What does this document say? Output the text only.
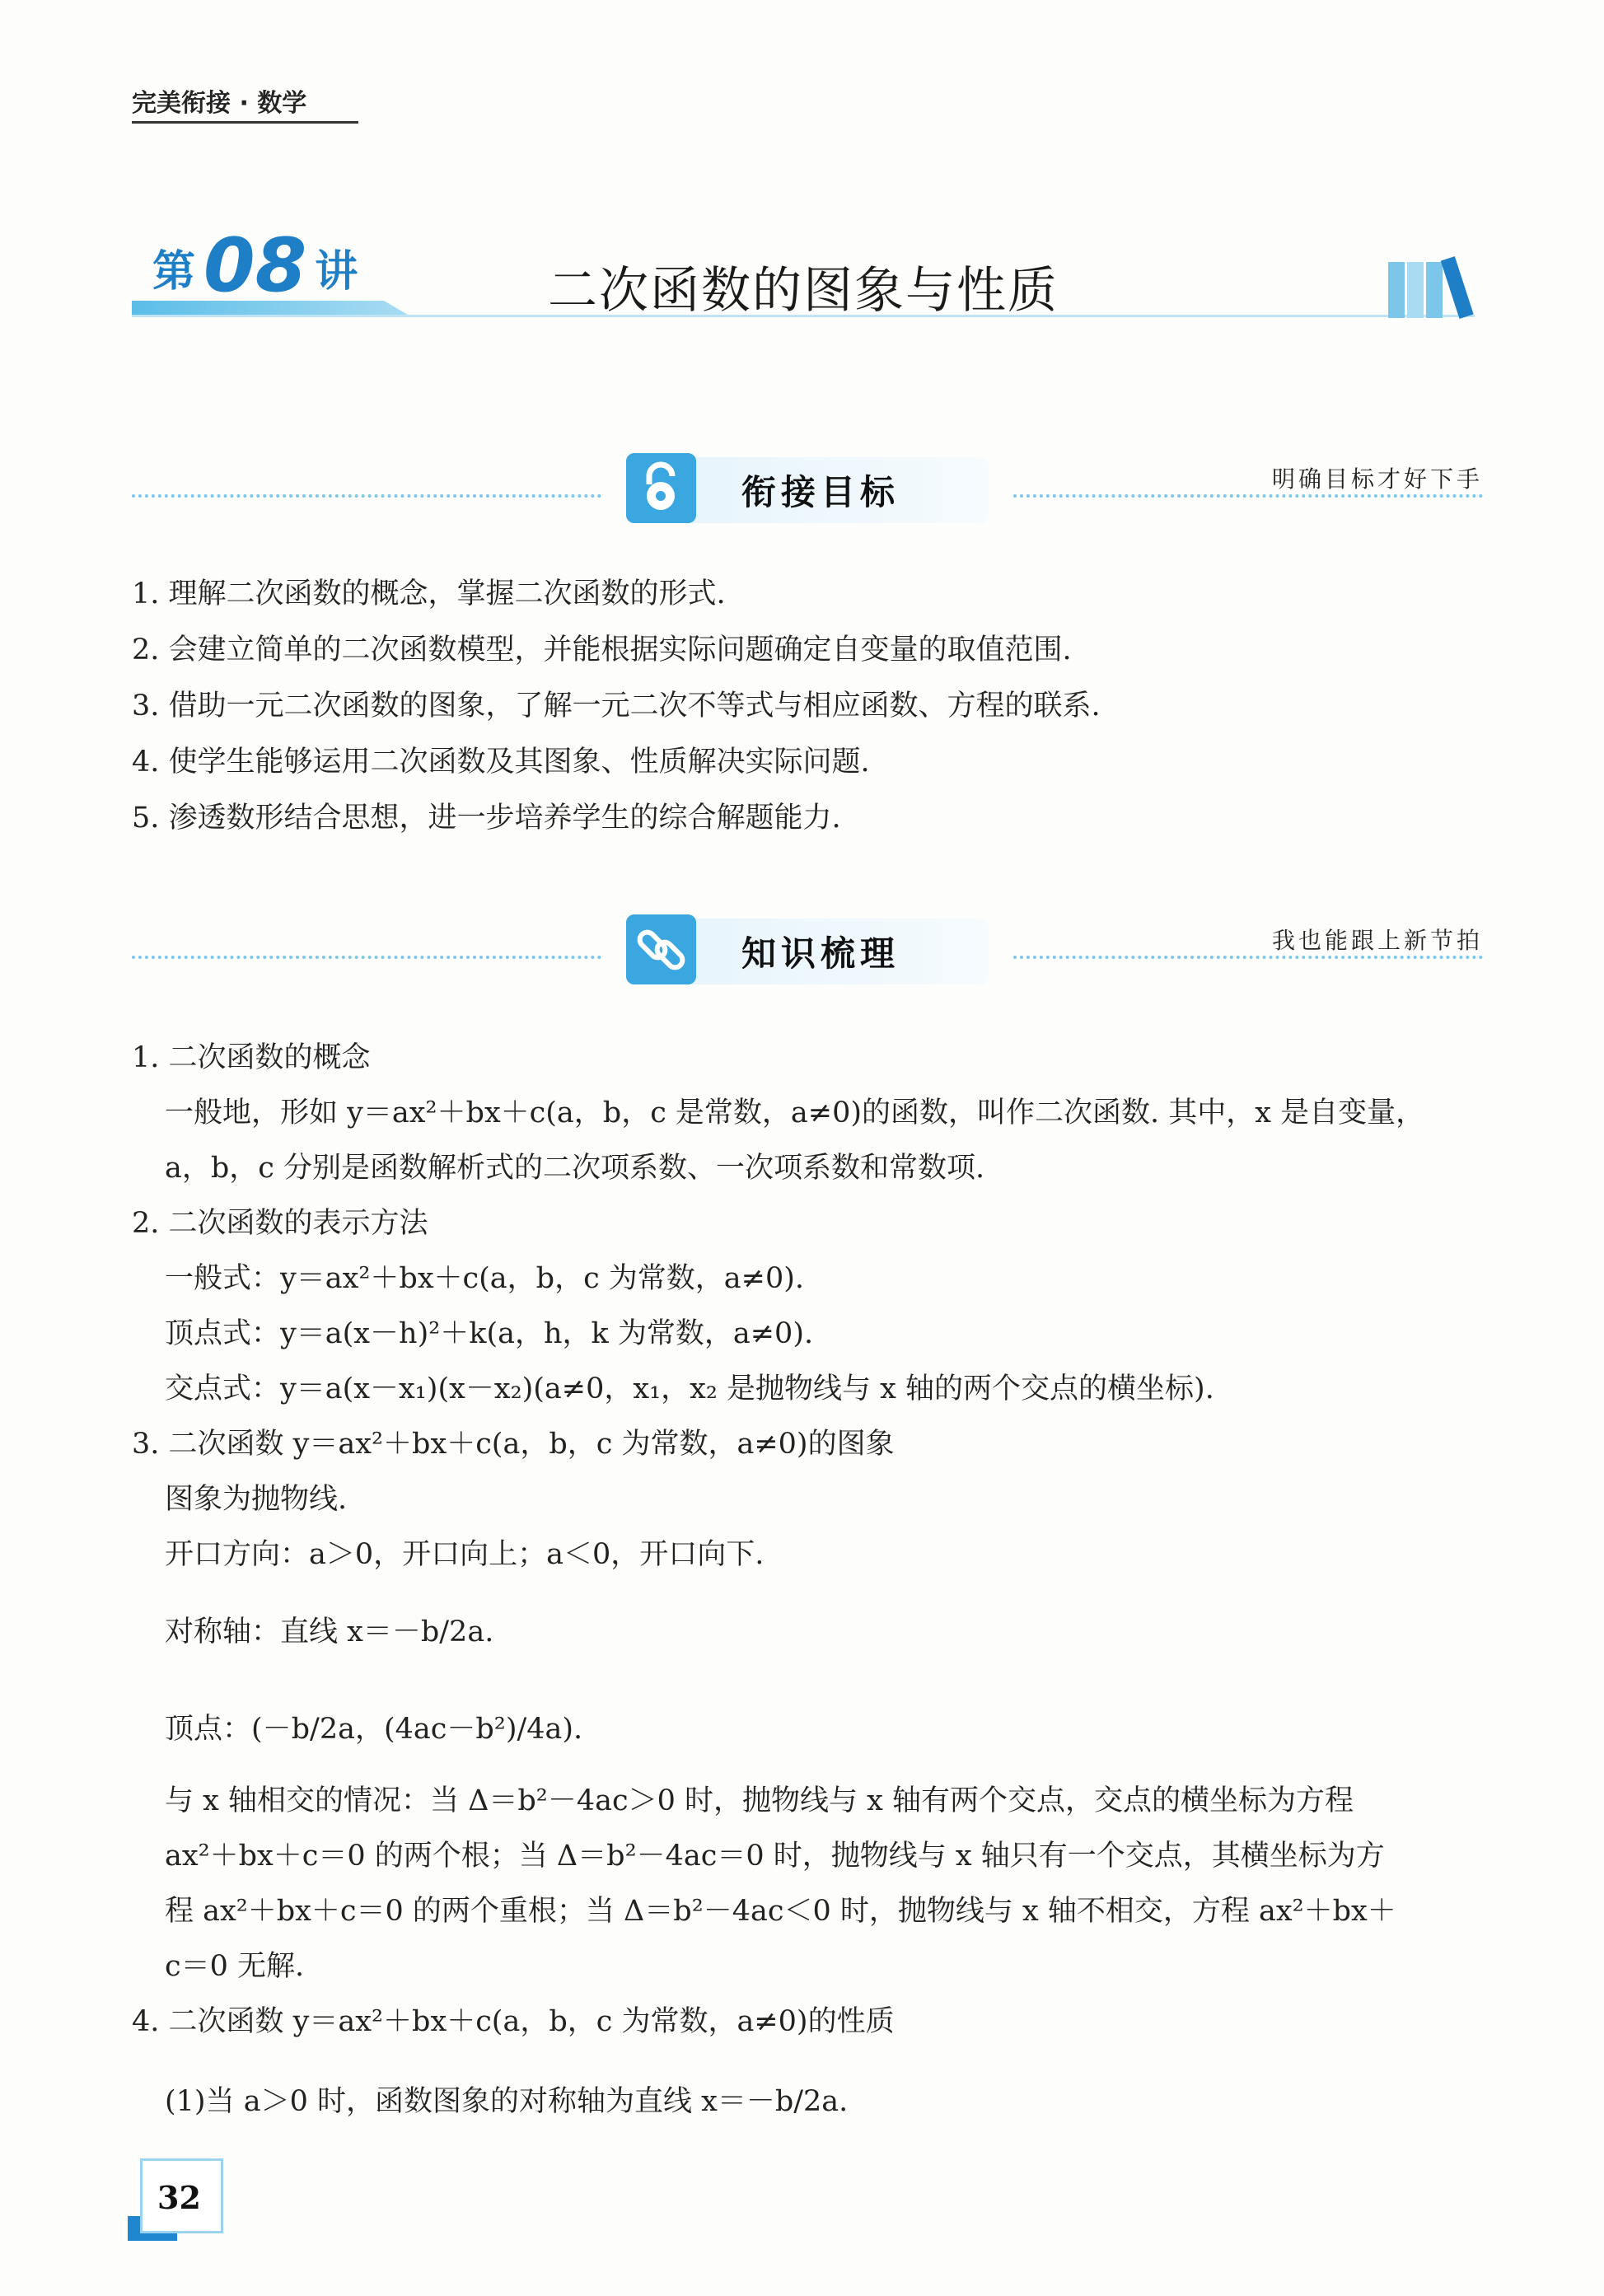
完美衔接 · 数学
第 08 讲	二次函数的图象与性质
衔接目标	明确目标才好下手
1. 理解二次函数的概念，掌握二次函数的形式.
2. 会建立简单的二次函数模型，并能根据实际问题确定自变量的取值范围.
3. 借助一元二次函数的图象，了解一元二次不等式与相应函数、方程的联系.
4. 使学生能够运用二次函数及其图象、性质解决实际问题.
5. 渗透数形结合思想，进一步培养学生的综合解题能力.
知识梳理	我也能跟上新节拍
1. 二次函数的概念
一般地，形如 y＝ax²＋bx＋c(a，b，c 是常数，a≠0)的函数，叫作二次函数. 其中，x 是自变量，
a，b，c 分别是函数解析式的二次项系数、一次项系数和常数项.
2. 二次函数的表示方法
一般式：y＝ax²＋bx＋c(a，b，c 为常数，a≠0).
顶点式：y＝a(x－h)²＋k(a，h，k 为常数，a≠0).
交点式：y＝a(x－x₁)(x－x₂)(a≠0，x₁，x₂ 是抛物线与 x 轴的两个交点的横坐标).
3. 二次函数 y＝ax²＋bx＋c(a，b，c 为常数，a≠0)的图象
图象为抛物线.
开口方向：a＞0，开口向上；a＜0，开口向下.
对称轴：直线 x＝－b/2a.
顶点：(－b/2a，(4ac－b²)/4a).
与 x 轴相交的情况：当 Δ＝b²－4ac＞0 时，抛物线与 x 轴有两个交点，交点的横坐标为方程
ax²＋bx＋c＝0 的两个根；当 Δ＝b²－4ac＝0 时，抛物线与 x 轴只有一个交点，其横坐标为方
程 ax²＋bx＋c＝0 的两个重根；当 Δ＝b²－4ac＜0 时，抛物线与 x 轴不相交，方程 ax²＋bx＋
c＝0 无解.
4. 二次函数 y＝ax²＋bx＋c(a，b，c 为常数，a≠0)的性质
(1)当 a＞0 时，函数图象的对称轴为直线 x＝－b/2a.
32
